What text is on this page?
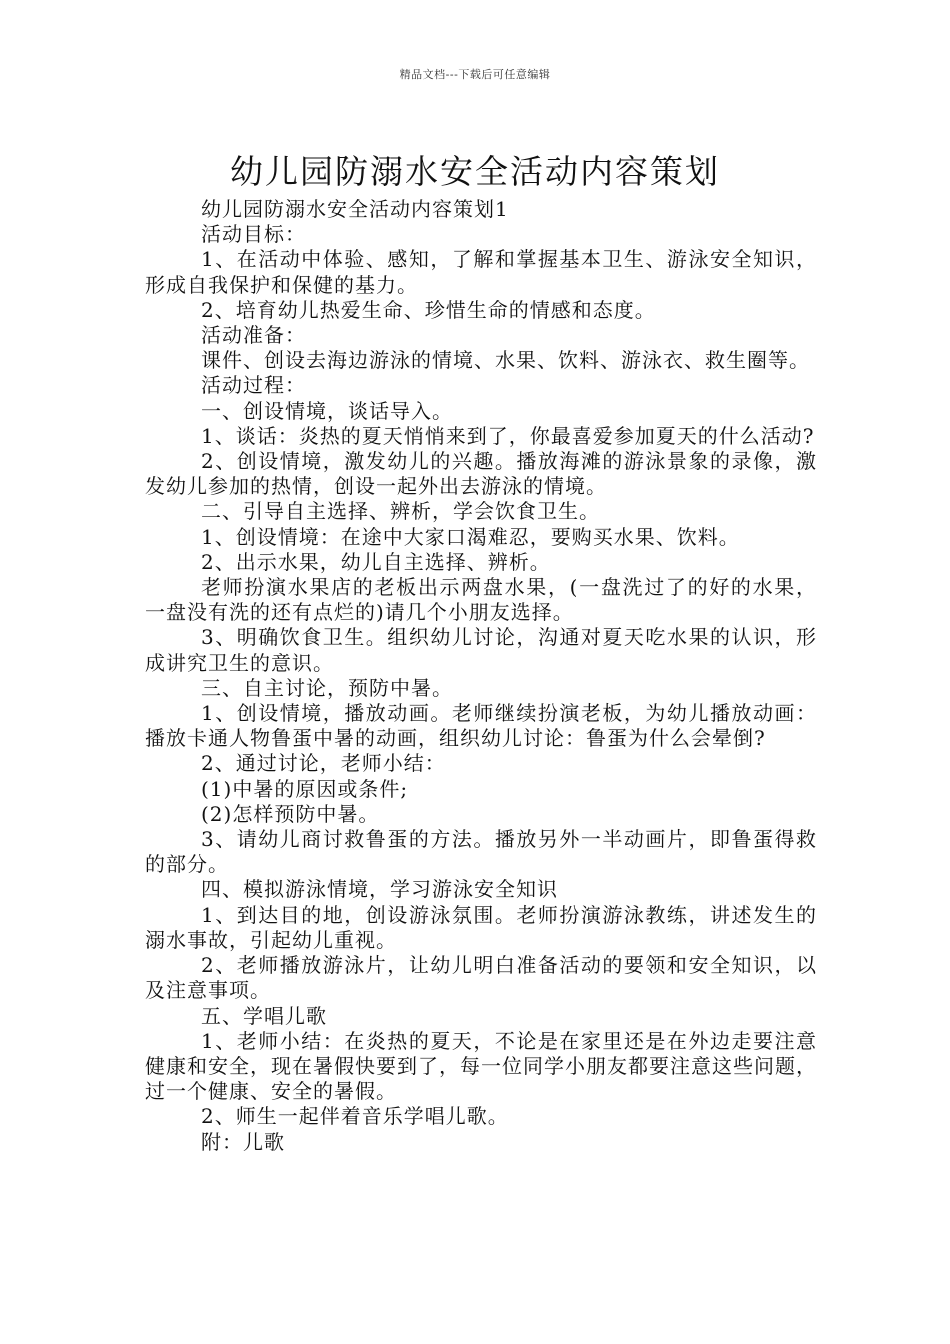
精品文档---下载后可任意编辑
幼儿园防溺水安全活动内容策划

幼儿园防溺水安全活动内容策划1

活动目标：

1、在活动中体验、感知，了解和掌握基本卫生、游泳安全知识，形成自我保护和保健的基力。

2、培育幼儿热爱生命、珍惜生命的情感和态度。

活动准备：

课件、创设去海边游泳的情境、水果、饮料、游泳衣、救生圈等。

活动过程：

一、创设情境，谈话导入。

1、谈话：炎热的夏天悄悄来到了，你最喜爱参加夏天的什么活动?

2、创设情境，激发幼儿的兴趣。播放海滩的游泳景象的录像，激发幼儿参加的热情，创设一起外出去游泳的情境。

二、引导自主选择、辨析，学会饮食卫生。

1、创设情境：在途中大家口渴难忍，要购买水果、饮料。

2、出示水果，幼儿自主选择、辨析。

老师扮演水果店的老板出示两盘水果，(一盘洗过了的好的水果，一盘没有洗的还有点烂的)请几个小朋友选择。

3、明确饮食卫生。组织幼儿讨论，沟通对夏天吃水果的认识，形成讲究卫生的意识。

三、自主讨论，预防中暑。

1、创设情境，播放动画。老师继续扮演老板，为幼儿播放动画：播放卡通人物鲁蛋中暑的动画，组织幼儿讨论：鲁蛋为什么会晕倒?

2、通过讨论，老师小结：

(1)中暑的原因或条件;

(2)怎样预防中暑。

3、请幼儿商讨救鲁蛋的方法。播放另外一半动画片，即鲁蛋得救的部分。

四、模拟游泳情境，学习游泳安全知识

1、到达目的地，创设游泳氛围。老师扮演游泳教练，讲述发生的溺水事故，引起幼儿重视。

2、老师播放游泳片，让幼儿明白准备活动的要领和安全知识，以及注意事项。

五、学唱儿歌

1、老师小结：在炎热的夏天，不论是在家里还是在外边走要注意健康和安全，现在暑假快要到了，每一位同学小朋友都要注意这些问题，过一个健康、安全的暑假。

2、师生一起伴着音乐学唱儿歌。

附：儿歌
